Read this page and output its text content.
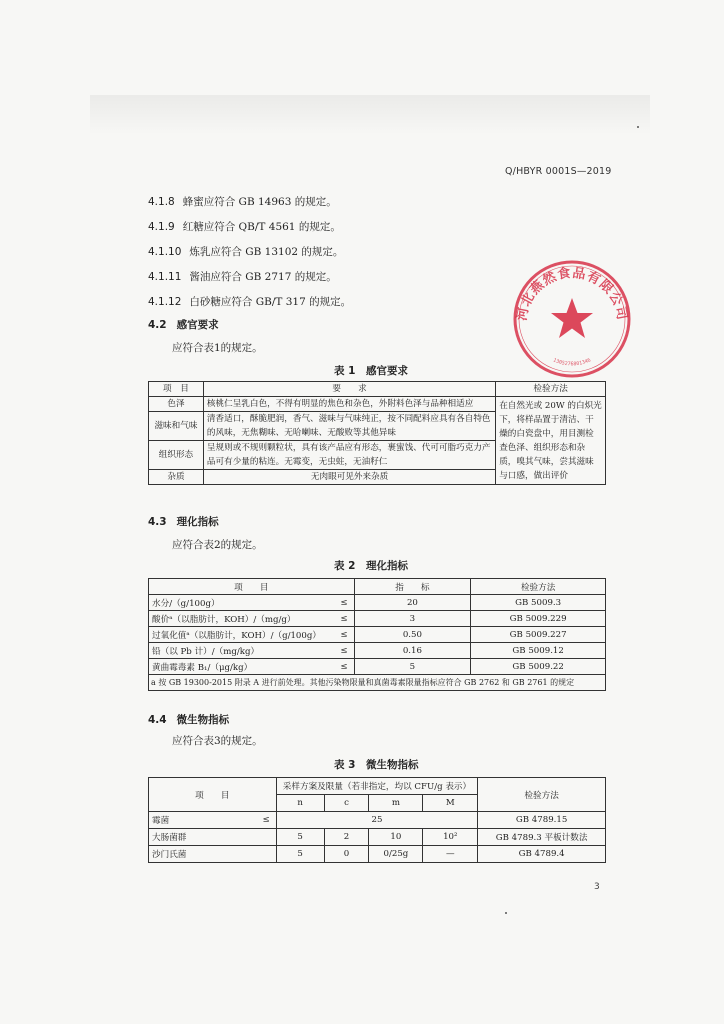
Q/HBYR 0001S—2019
4.1.8 蜂蜜应符合 GB 14963 的规定。
4.1.9 红糖应符合 QB/T 4561 的规定。
4.1.10 炼乳应符合 GB 13102 的规定。
4.1.11 酱油应符合 GB 2717 的规定。
4.1.12 白砂糖应符合 GB/T 317 的规定。
4.2 感官要求
应符合表1的规定。
表 1　感官要求
项　目	要　　求	检验方法
色泽	核桃仁呈乳白色，不得有明显的焦色和杂色，外附料色泽与品种相适应	在自然光或 20W 的白炽光下，将样品置于清洁、干燥的白瓷盘中，用目测检查色泽、组织形态和杂质，嗅其气味，尝其滋味与口感，做出评价
滋味和气味	清香适口，酥脆肥润，香气、滋味与气味纯正，按不同配料应具有各自特色的风味，无焦糊味、无哈喇味、无酸败等其他异味	
组织形态	呈规则或不规则颗粒状，具有该产品应有形态，裹蜜饯、代可可脂巧克力产品可有少量的粘连。无霉变，无虫蛀，无油籽仁	
杂质	无肉眼可见外来杂质	
4.3 理化指标
应符合表2的规定。
表 2　理化指标
项　　目		指　　标	检验方法
水分/（g/100g）	≤	20	GB 5009.3
酸价ᵃ（以脂肪计，KOH）/（mg/g）	≤	3	GB 5009.229
过氧化值ᵃ（以脂肪计，KOH）/（g/100g）	≤	0.50	GB 5009.227
铅（以 Pb 计）/（mg/kg）	≤	0.16	GB 5009.12
黄曲霉毒素 B₁/（μg/kg）	≤	5	GB 5009.22
a 按 GB 19300-2015 附录 A 进行前处理。其他污染物限量和真菌毒素限量指标应符合 GB 2762 和 GB 2761 的规定			
4.4 微生物指标
应符合表3的规定。
表 3　微生物指标
项　　目		采样方案及限量（若非指定，均以 CFU/g 表示）				检验方法
		n	c	m	M	
霉菌	≤	25				GB 4789.15
大肠菌群		5	2	10	10²	GB 4789.3 平板计数法
沙门氏菌		5	0	0/25g	—	GB 4789.4
3
河北燕然食品有限公司
1305276801346
